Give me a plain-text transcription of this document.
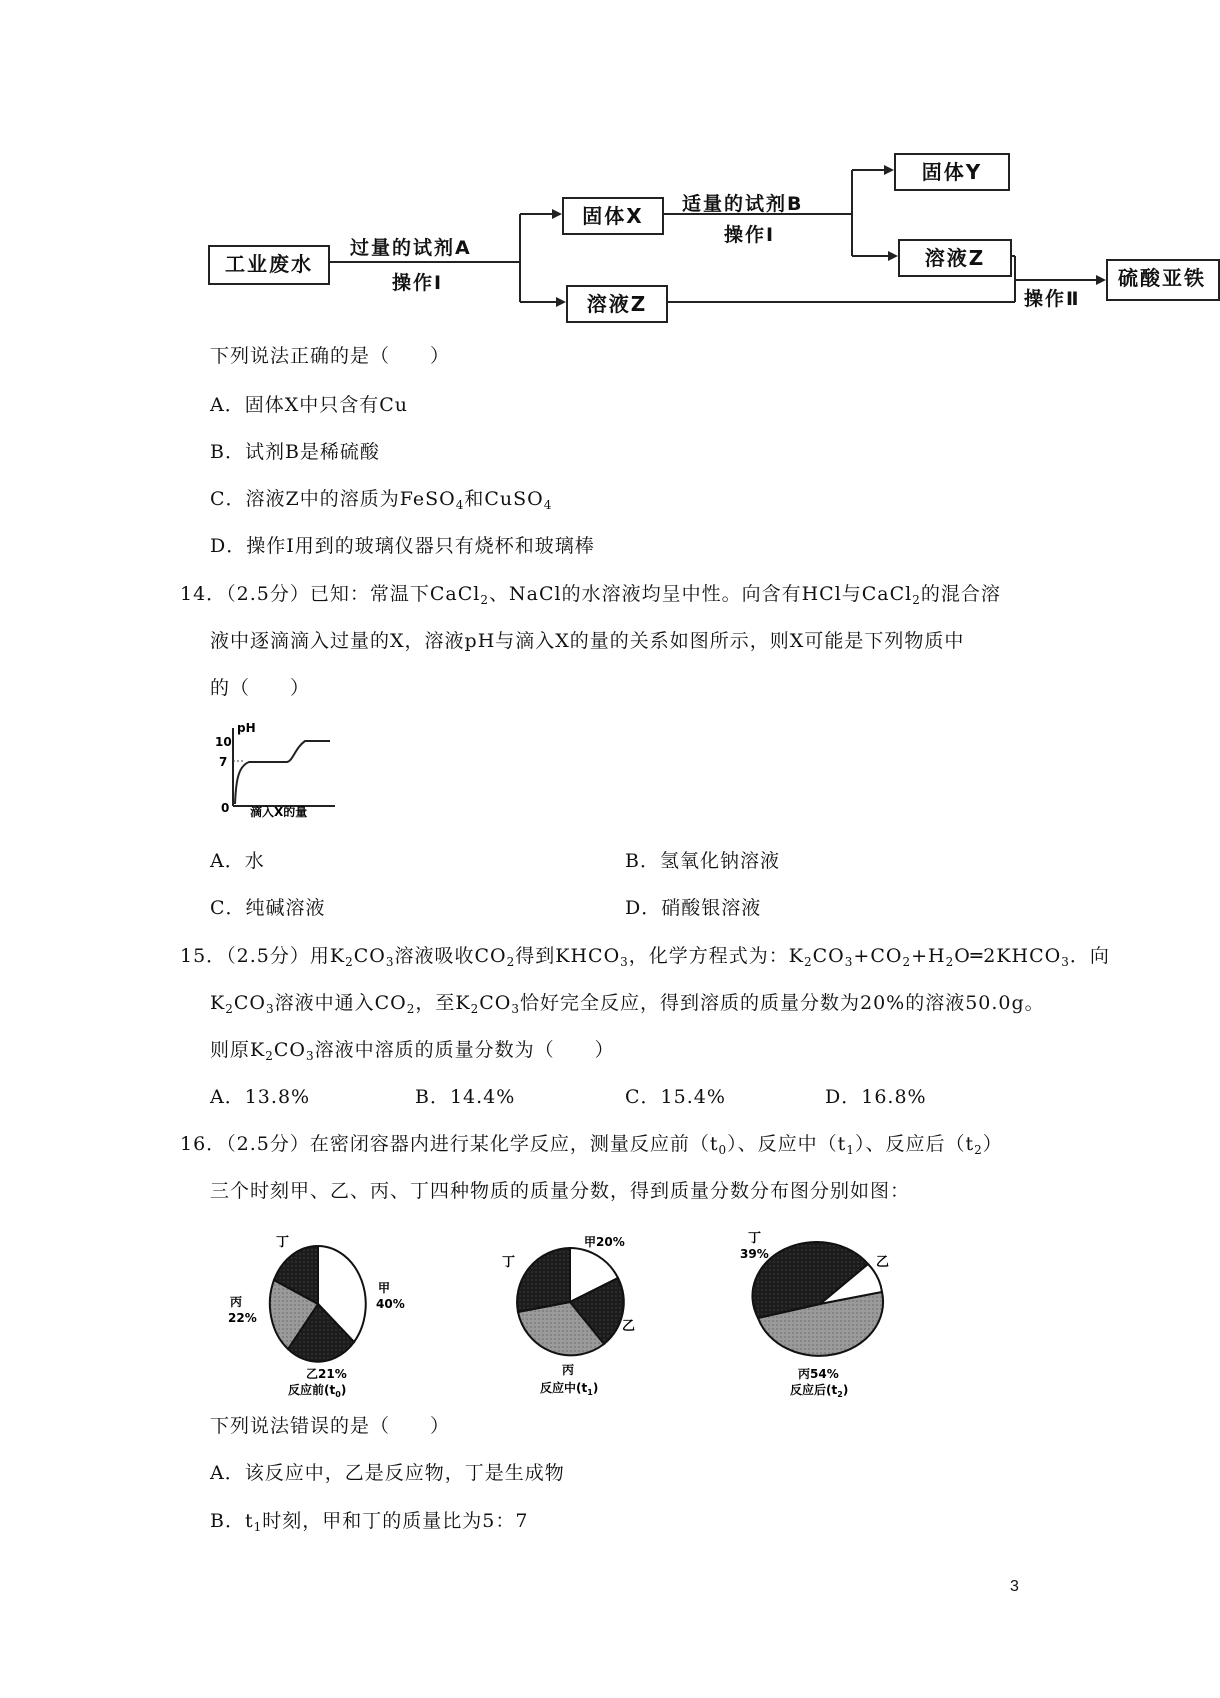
工业废水
固体X
溶液Z
固体Y
溶液Z
硫酸亚铁
过量的试剂A
操作Ⅰ
适量的试剂B
操作Ⅰ
操作Ⅱ
下列说法正确的是（　　）
A．固体X中只含有Cu
B．试剂B是稀硫酸
C．溶液Z中的溶质为FeSO$_4$和CuSO$_4$
D．操作Ⅰ用到的玻璃仪器只有烧杯和玻璃棒
14．（2.5分）已知：常温下CaCl$_2$、NaCl的水溶液均呈中性。向含有HCl与CaCl$_2$的混合溶
液中逐滴滴入过量的X，溶液pH与滴入X的量的关系如图所示，则X可能是下列物质中
的（　　）
pH
10
7
0 滴入X的量
A．水	B．氢氧化钠溶液
C．纯碱溶液	D．硝酸银溶液
15．（2.5分）用$K_2CO_3$溶液吸收$CO_2$得到$KHCO_3$，化学方程式为：$K_2CO_3+CO_2+H_2O═2KHCO_3$．向
$K_2CO_3$溶液中通入$CO_2$，至$K_2CO_3$恰好完全反应，得到溶质的质量分数为20%的溶液50.0g。
则原$K_2CO_3$溶液中溶质的质量分数为（　　）
A．13.8%	B．14.4%	C．15.4%	D．16.8%
16．（2.5分）在密闭容器内进行某化学反应，测量反应前$(t_0)$、反应中$(t_1)$、反应后$(t_2)$
三个时刻甲、乙、丙、丁四种物质的质量分数，得到质量分数分布图分别如图：
丁
甲
40%
丙
22%
乙21%
反应前$(t_0)$
丁
甲20%
乙
丙
反应中$(t_1)$
丁
39%
乙
丙54%
反应后$(t_2)$
下列说法错误的是（　　）
A．该反应中，乙是反应物，丁是生成物
B．$t_1$时刻，甲和丁的质量比为5：7
3
